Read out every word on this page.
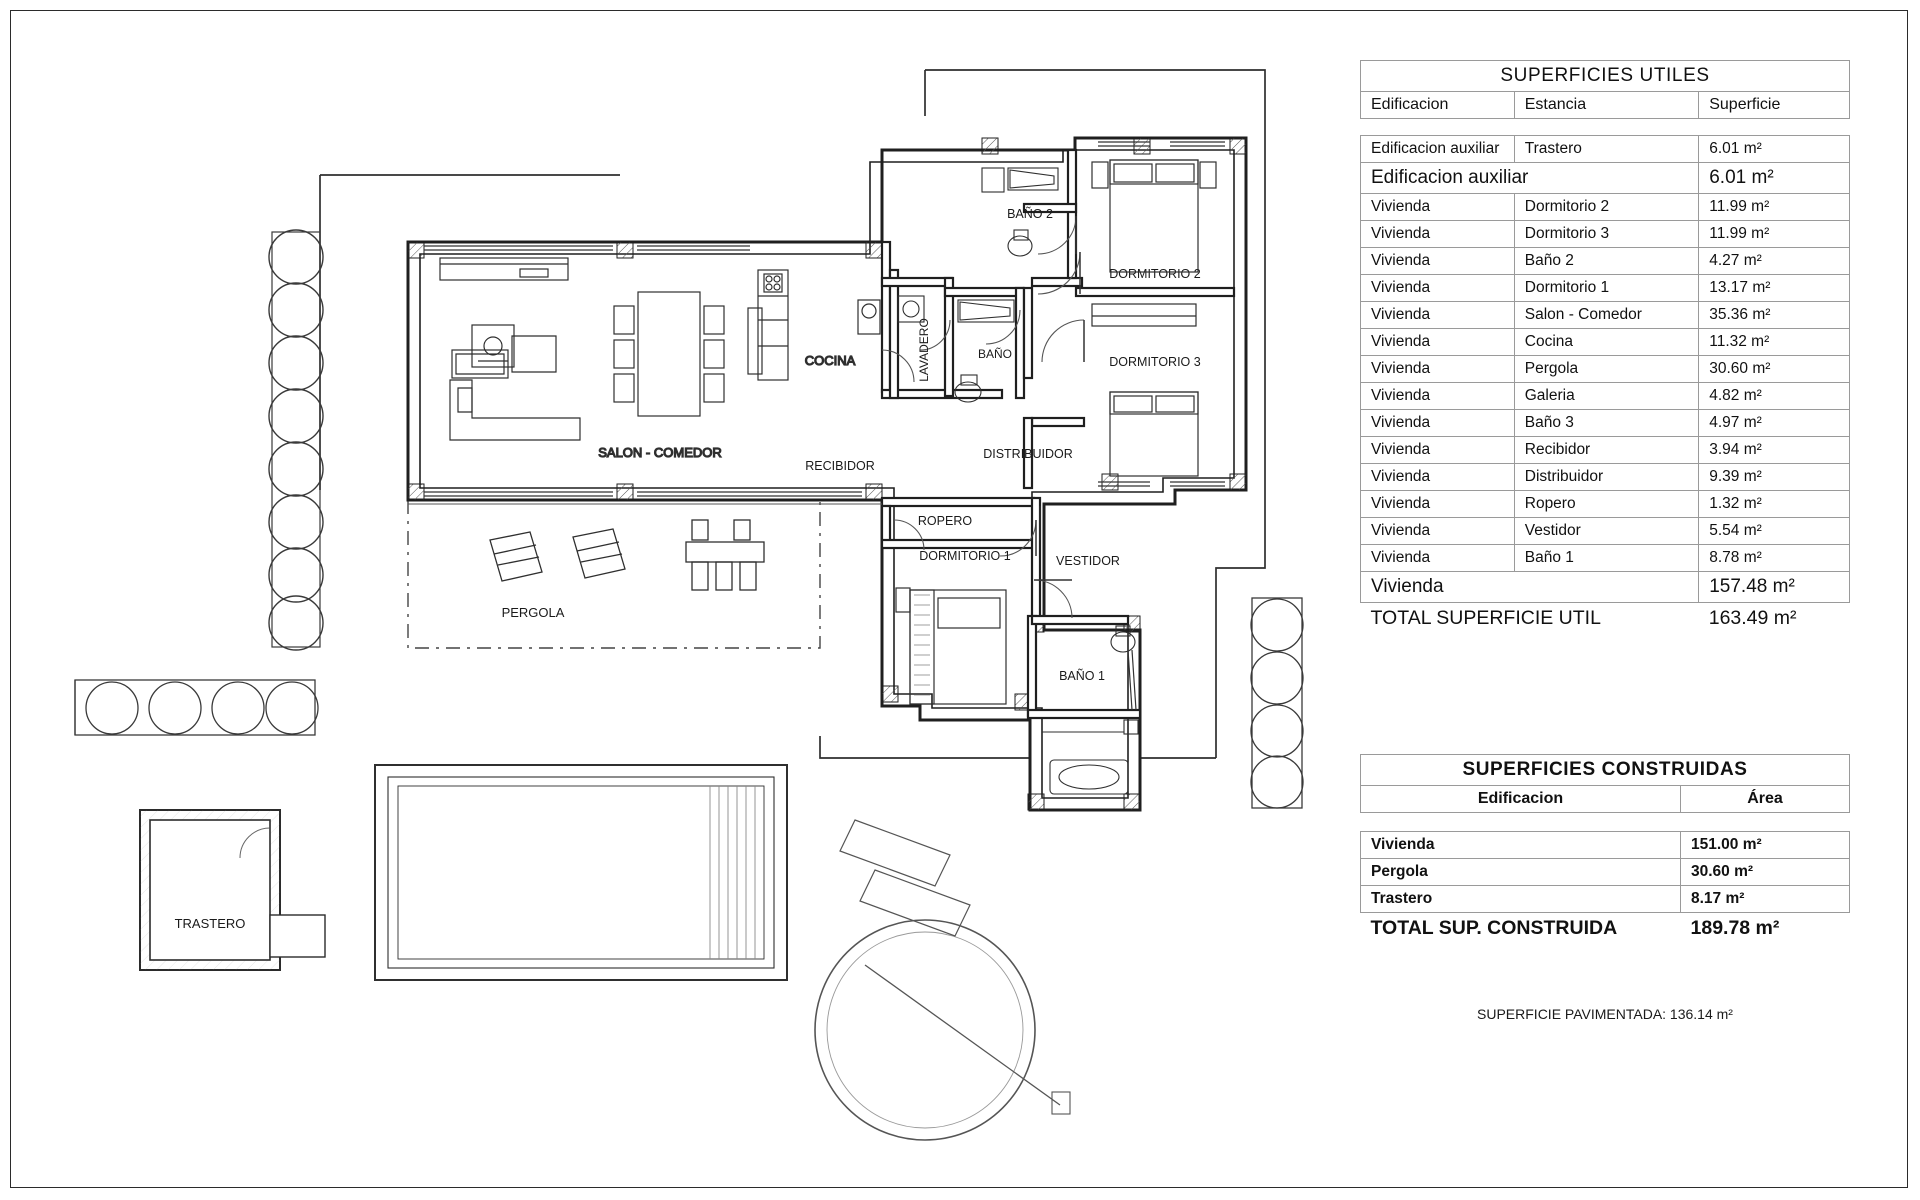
TRASTERO
PERGOLA
SALON - COMEDOR
COCINA	LAVADERO	BAÑO
BAÑO 2
DORMITORIO 2
DORMITORIO 3
DISTRIBUIDOR
RECIBIDOR
ROPERO
VESTIDOR
DORMITORIO 1
BAÑO 1
SUPERFICIES UTILES		
Edificacion	Estancia	Superficie

Edificacion auxiliar	Trastero	6.01 m²
Edificacion auxiliar		6.01 m²
Vivienda	Dormitorio 2	11.99 m²
Vivienda	Dormitorio 3	11.99 m²
Vivienda	Baño 2	4.27 m²
Vivienda	Dormitorio 1	13.17 m²
Vivienda	Salon - Comedor	35.36 m²
Vivienda	Cocina	11.32 m²
Vivienda	Pergola	30.60 m²
Vivienda	Galeria	4.82 m²
Vivienda	Baño 3	4.97 m²
Vivienda	Recibidor	3.94 m²
Vivienda	Distribuidor	9.39 m²
Vivienda	Ropero	1.32 m²
Vivienda	Vestidor	5.54 m²
Vivienda	Baño 1	8.78 m²
Vivienda		157.48 m²
TOTAL SUPERFICIE UTIL		163.49 m²
SUPERFICIES CONSTRUIDAS	
Edificacion	Área

Vivienda	151.00 m²
Pergola	30.60 m²
Trastero	8.17 m²
TOTAL SUP. CONSTRUIDA	189.78 m²
SUPERFICIE PAVIMENTADA: 136.14 m²
